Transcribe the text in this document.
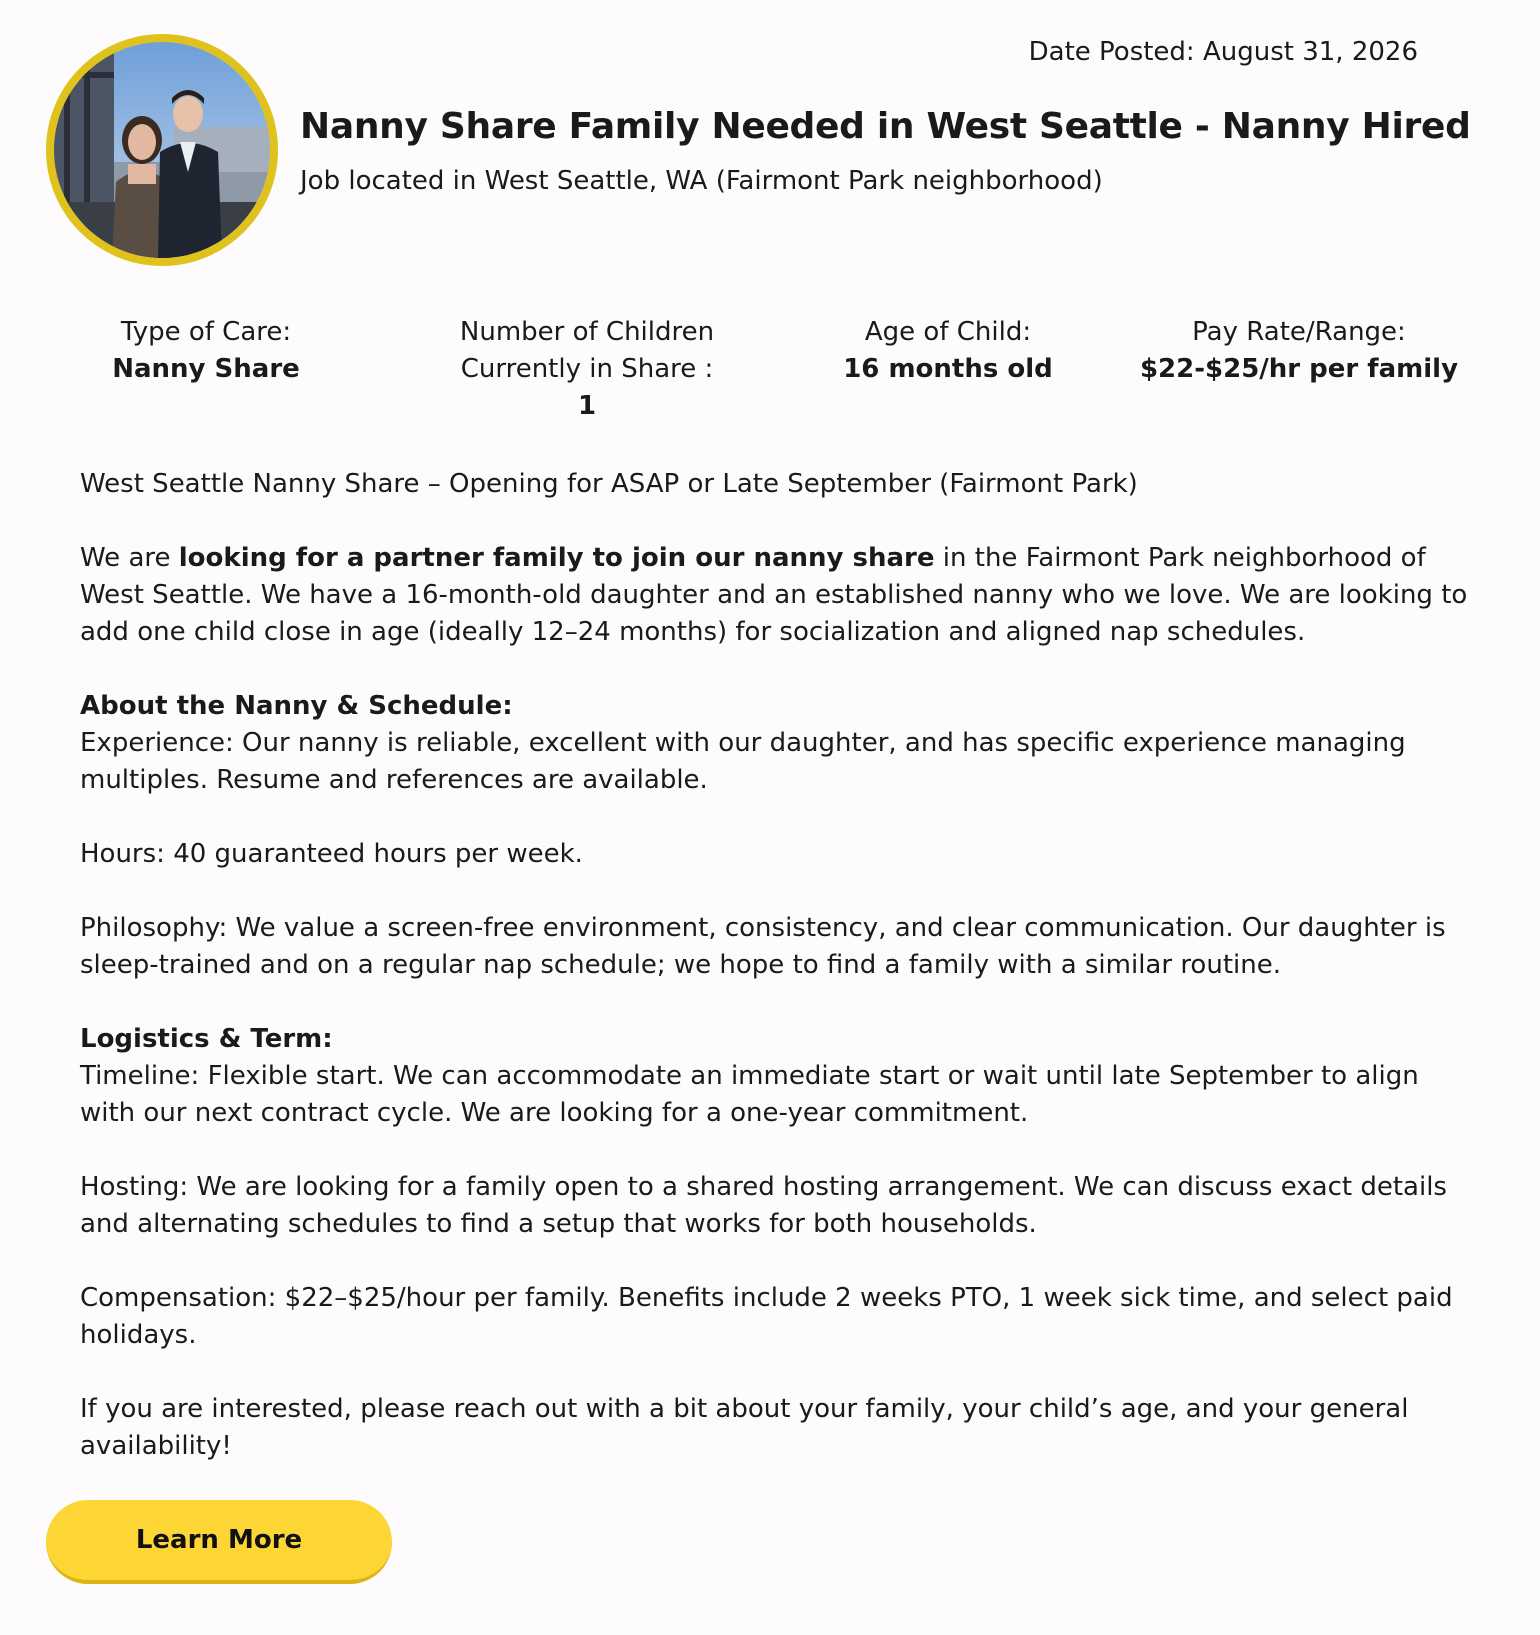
Date Posted: August 31, 2026
Nanny Share Family Needed in West Seattle - Nanny Hired
Job located in West Seattle, WA (Fairmont Park neighborhood)
Type of Care:
Nanny Share
Number of Children
Currently in Share :
1
Age of Child:
16 months old
Pay Rate/Range:
$22-$25/hr per family

West Seattle Nanny Share – Opening for ASAP or Late September (Fairmont Park)

We are looking for a partner family to join our nanny share in the Fairmont Park neighborhood of West Seattle. We have a 16-month-old daughter and an established nanny who we love. We are looking to add one child close in age (ideally 12–24 months) for socialization and aligned nap schedules.

About the Nanny & Schedule:

Experience: Our nanny is reliable, excellent with our daughter, and has specific experience managing multiples. Resume and references are available.

Hours: 40 guaranteed hours per week.

Philosophy: We value a screen-free environment, consistency, and clear communication. Our daughter is sleep-trained and on a regular nap schedule; we hope to find a family with a similar routine.

Logistics & Term:

Timeline: Flexible start. We can accommodate an immediate start or wait until late September to align with our next contract cycle. We are looking for a one-year commitment.

Hosting: We are looking for a family open to a shared hosting arrangement. We can discuss exact details and alternating schedules to find a setup that works for both households.

Compensation: $22–$25/hour per family. Benefits include 2 weeks PTO, 1 week sick time, and select paid holidays.

If you are interested, please reach out with a bit about your family, your child’s age, and your general availability!

Learn More
